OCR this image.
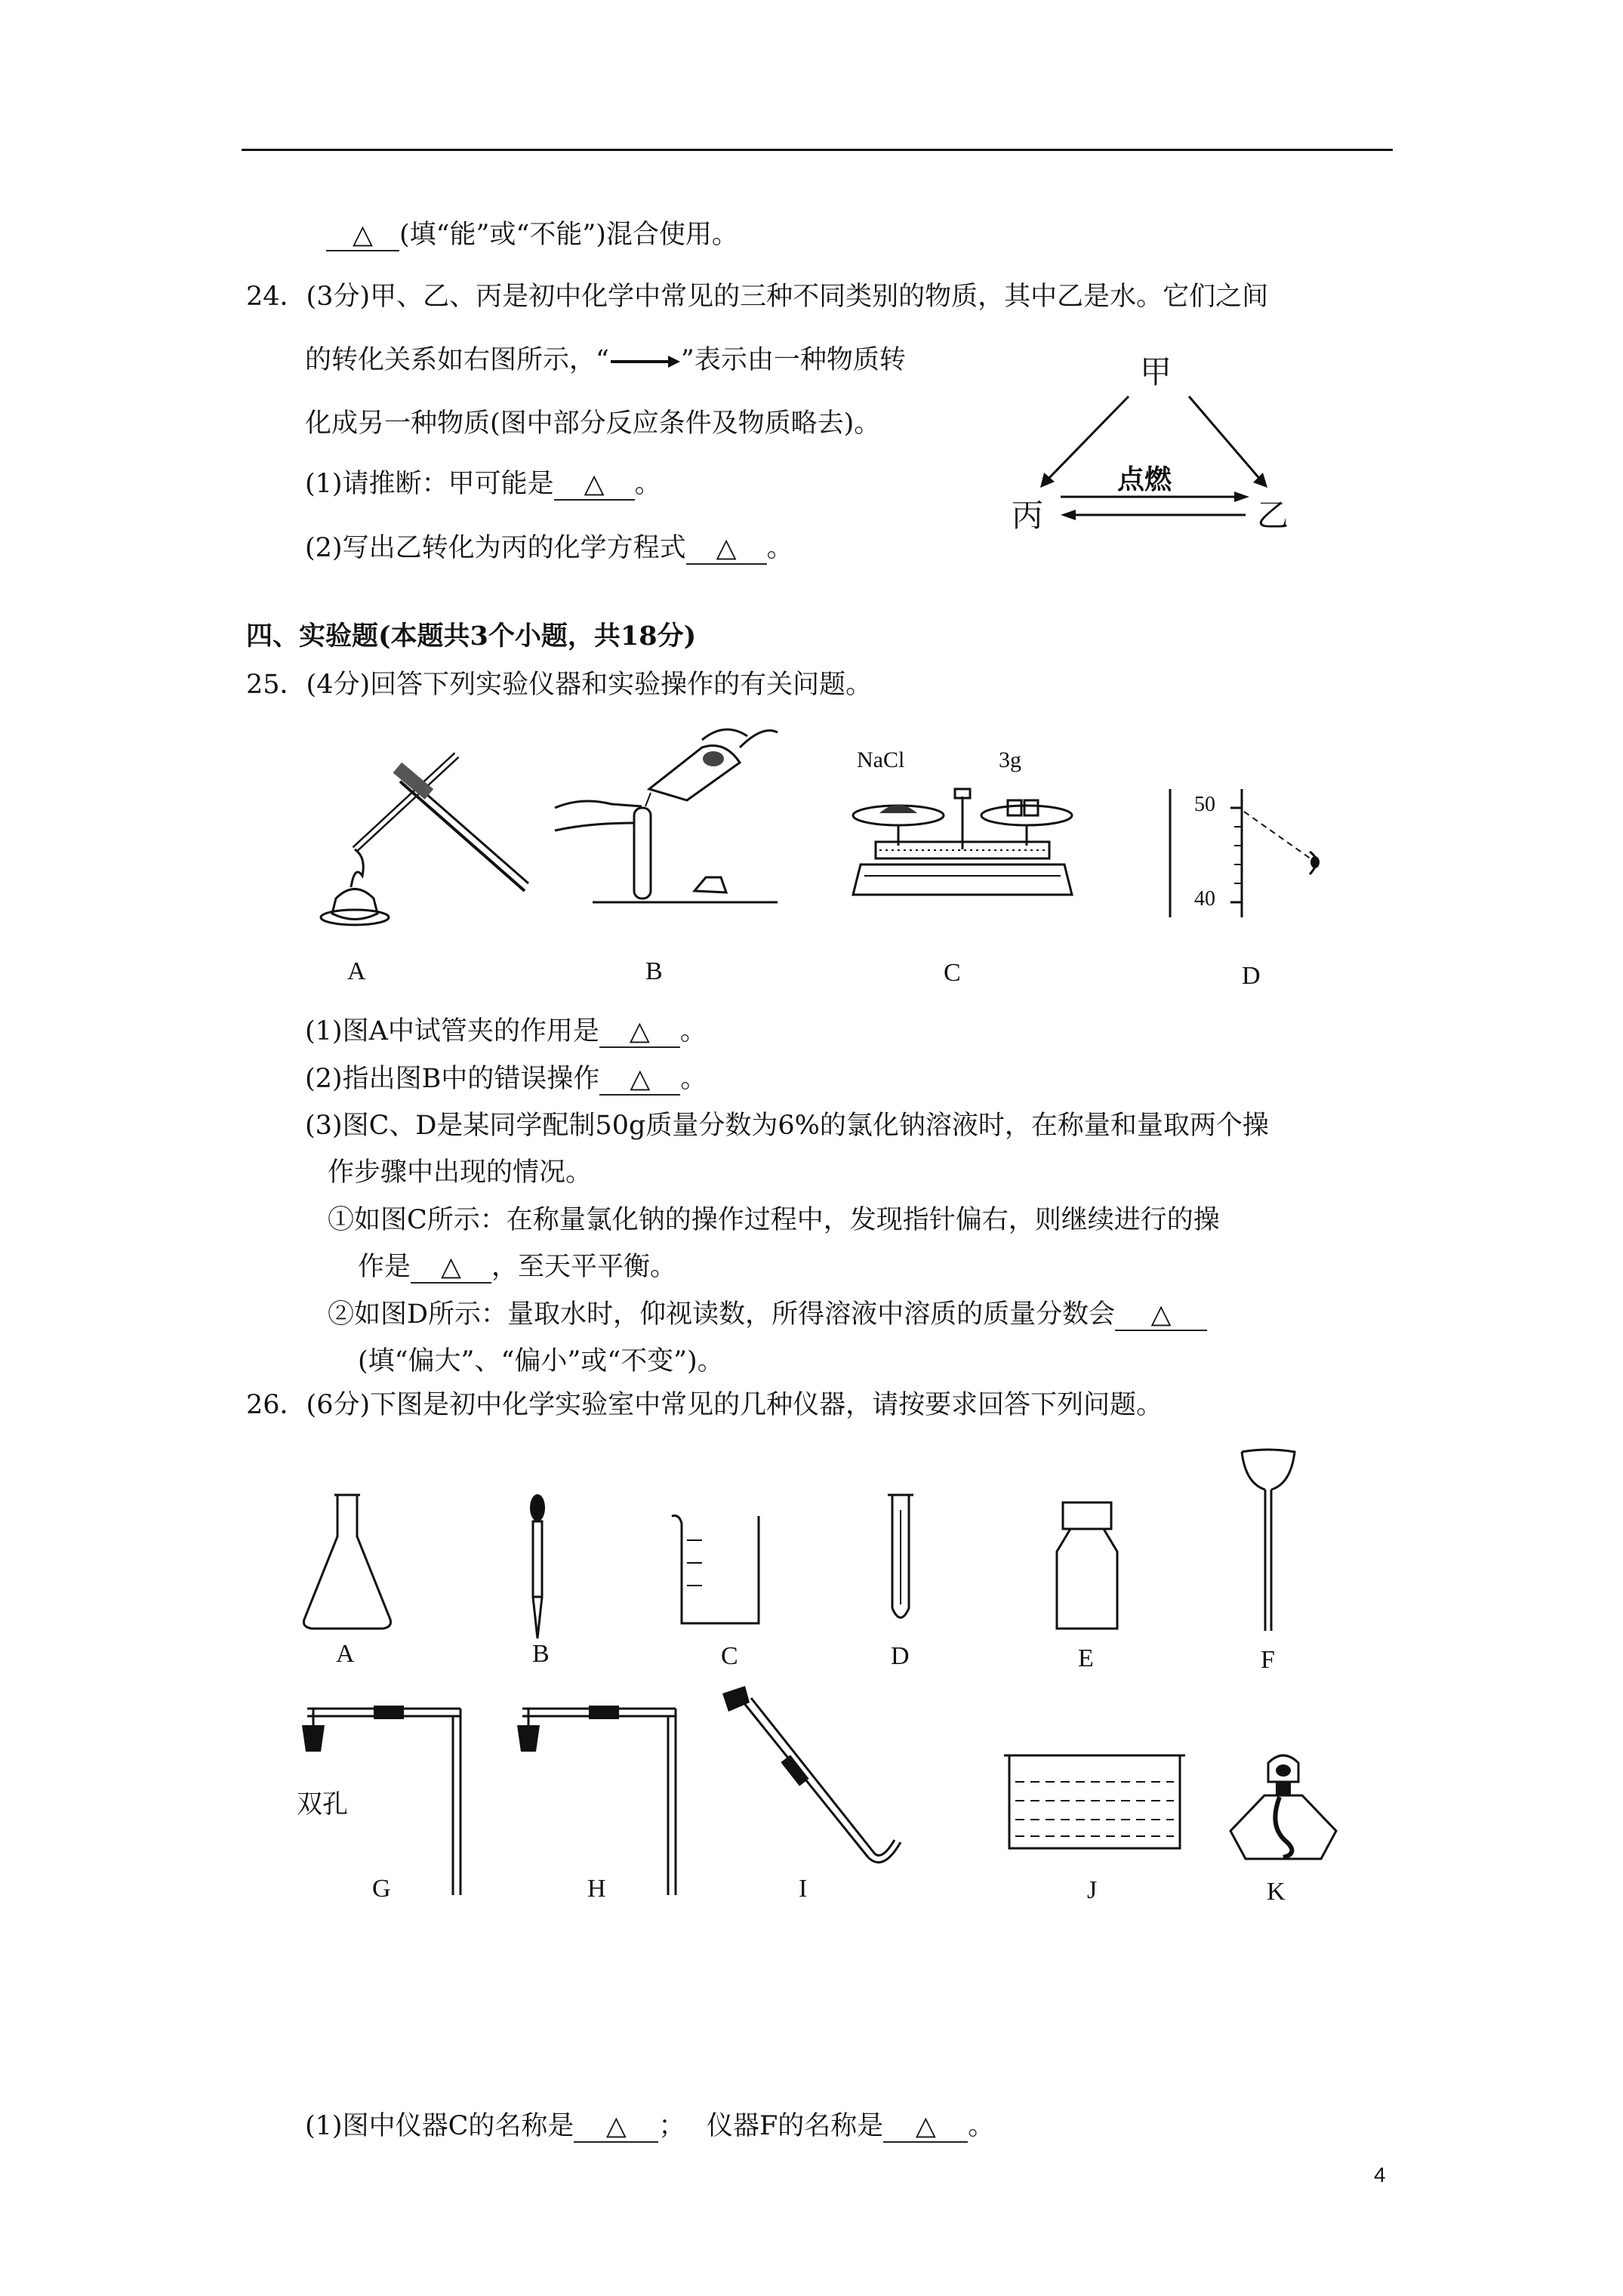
△ (填“能”或“不能”)混合使用。
24．(3分)甲、乙、丙是初中化学中常见的三种不同类别的物质，其中乙是水。它们之间
的转化关系如右图所示，“	”表示由一种物质转
化成另一种物质(图中部分反应条件及物质略去)。
(1)请推断：甲可能是 △ 。
(2)写出乙转化为丙的化学方程式 △ 。
甲
丙	乙
点燃
四、实验题(本题共3个小题，共18分)
25．(4分)回答下列实验仪器和实验操作的有关问题。
NaCl	3g
50
40
A	B	C	D
(1)图A中试管夹的作用是 △ 。
(2)指出图B中的错误操作 △ 。
(3)图C、D是某同学配制50g质量分数为6%的氯化钠溶液时，在称量和量取两个操
作步骤中出现的情况。
①如图C所示：在称量氯化钠的操作过程中，发现指针偏右，则继续进行的操
作是 △ ，至天平平衡。
②如图D所示：量取水时，仰视读数，所得溶液中溶质的质量分数会 △
(填“偏大”、“偏小”或“不变”)。
26．(6分)下图是初中化学实验室中常见的几种仪器，请按要求回答下列问题。
A	B	C	D	E	F
双孔
G	H	I	J	K
(1)图中仪器C的名称是 △ ；　 仪器F的名称是 △ 。
4
